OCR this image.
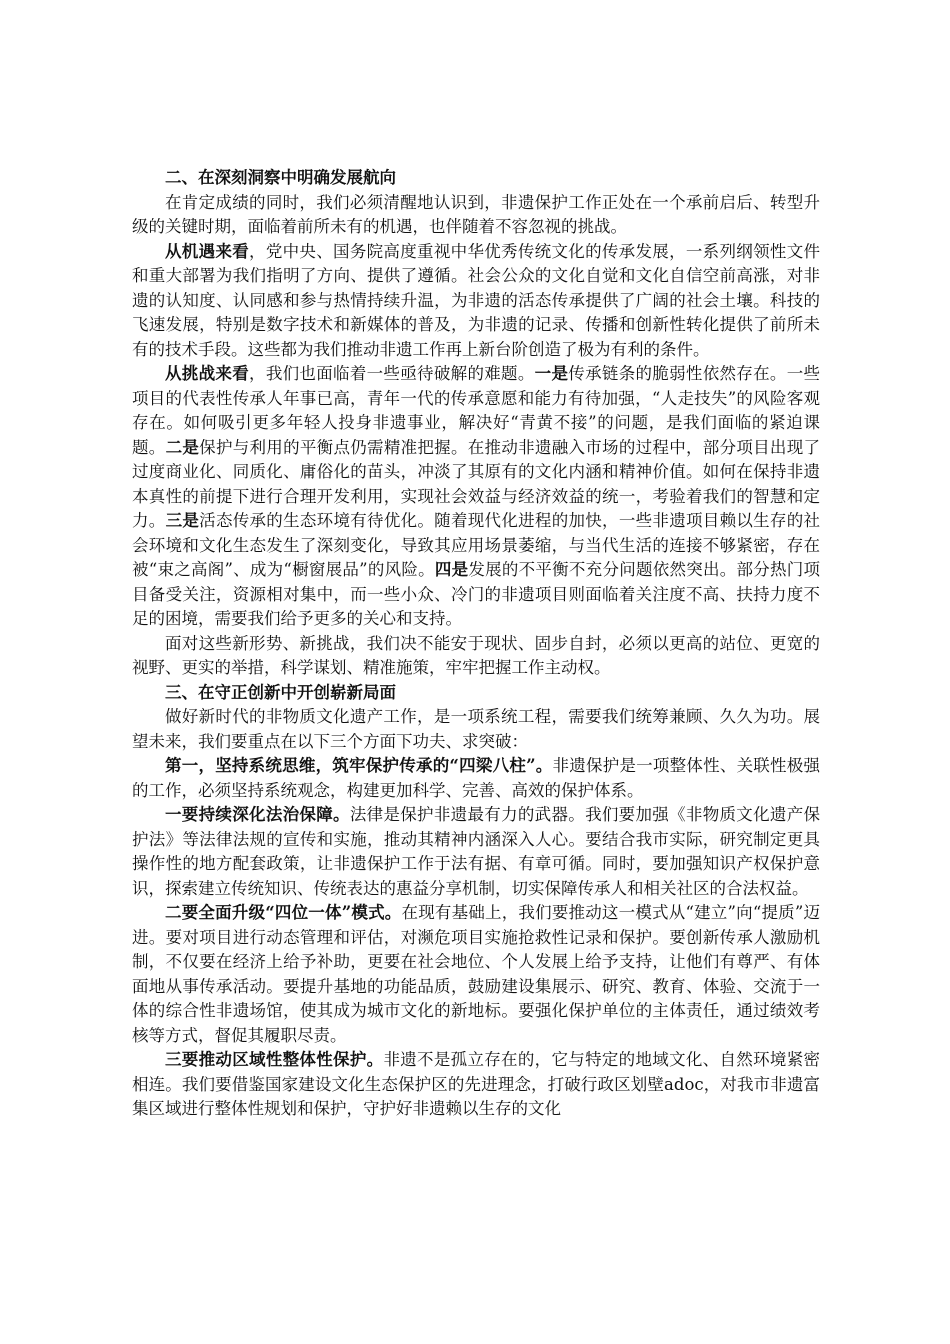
二、在深刻洞察中明确发展航向

在肯定成绩的同时，我们必须清醒地认识到，非遗保护工作正处在一个承前启后、转型升级的关键时期，面临着前所未有的机遇，也伴随着不容忽视的挑战。

从机遇来看，党中央、国务院高度重视中华优秀传统文化的传承发展，一系列纲领性文件和重大部署为我们指明了方向、提供了遵循。社会公众的文化自觉和文化自信空前高涨，对非遗的认知度、认同感和参与热情持续升温，为非遗的活态传承提供了广阔的社会土壤。科技的飞速发展，特别是数字技术和新媒体的普及，为非遗的记录、传播和创新性转化提供了前所未有的技术手段。这些都为我们推动非遗工作再上新台阶创造了极为有利的条件。

从挑战来看，我们也面临着一些亟待破解的难题。一是传承链条的脆弱性依然存在。一些项目的代表性传承人年事已高，青年一代的传承意愿和能力有待加强，“人走技失”的风险客观存在。如何吸引更多年轻人投身非遗事业，解决好“青黄不接”的问题，是我们面临的紧迫课题。二是保护与利用的平衡点仍需精准把握。在推动非遗融入市场的过程中，部分项目出现了过度商业化、同质化、庸俗化的苗头，冲淡了其原有的文化内涵和精神价值。如何在保持非遗本真性的前提下进行合理开发利用，实现社会效益与经济效益的统一，考验着我们的智慧和定力。三是活态传承的生态环境有待优化。随着现代化进程的加快，一些非遗项目赖以生存的社会环境和文化生态发生了深刻变化，导致其应用场景萎缩，与当代生活的连接不够紧密，存在被“束之高阁”、成为“橱窗展品”的风险。四是发展的不平衡不充分问题依然突出。部分热门项目备受关注，资源相对集中，而一些小众、冷门的非遗项目则面临着关注度不高、扶持力度不足的困境，需要我们给予更多的关心和支持。

面对这些新形势、新挑战，我们决不能安于现状、固步自封，必须以更高的站位、更宽的视野、更实的举措，科学谋划、精准施策，牢牢把握工作主动权。

三、在守正创新中开创崭新局面

做好新时代的非物质文化遗产工作，是一项系统工程，需要我们统筹兼顾、久久为功。展望未来，我们要重点在以下三个方面下功夫、求突破：

第一，坚持系统思维，筑牢保护传承的“四梁八柱”。非遗保护是一项整体性、关联性极强的工作，必须坚持系统观念，构建更加科学、完善、高效的保护体系。

一要持续深化法治保障。法律是保护非遗最有力的武器。我们要加强《非物质文化遗产保护法》等法律法规的宣传和实施，推动其精神内涵深入人心。要结合我市实际，研究制定更具操作性的地方配套政策，让非遗保护工作于法有据、有章可循。同时，要加强知识产权保护意识，探索建立传统知识、传统表达的惠益分享机制，切实保障传承人和相关社区的合法权益。

二要全面升级“四位一体”模式。在现有基础上，我们要推动这一模式从“建立”向“提质”迈进。要对项目进行动态管理和评估，对濒危项目实施抢救性记录和保护。要创新传承人激励机制，不仅要在经济上给予补助，更要在社会地位、个人发展上给予支持，让他们有尊严、有体面地从事传承活动。要提升基地的功能品质，鼓励建设集展示、研究、教育、体验、交流于一体的综合性非遗场馆，使其成为城市文化的新地标。要强化保护单位的主体责任，通过绩效考核等方式，督促其履职尽责。

三要推动区域性整体性保护。非遗不是孤立存在的，它与特定的地域文化、自然环境紧密相连。我们要借鉴国家建设文化生态保护区的先进理念，打破行政区划壁adoc，对我市非遗富集区域进行整体性规划和保护，守护好非遗赖以生存的文化
